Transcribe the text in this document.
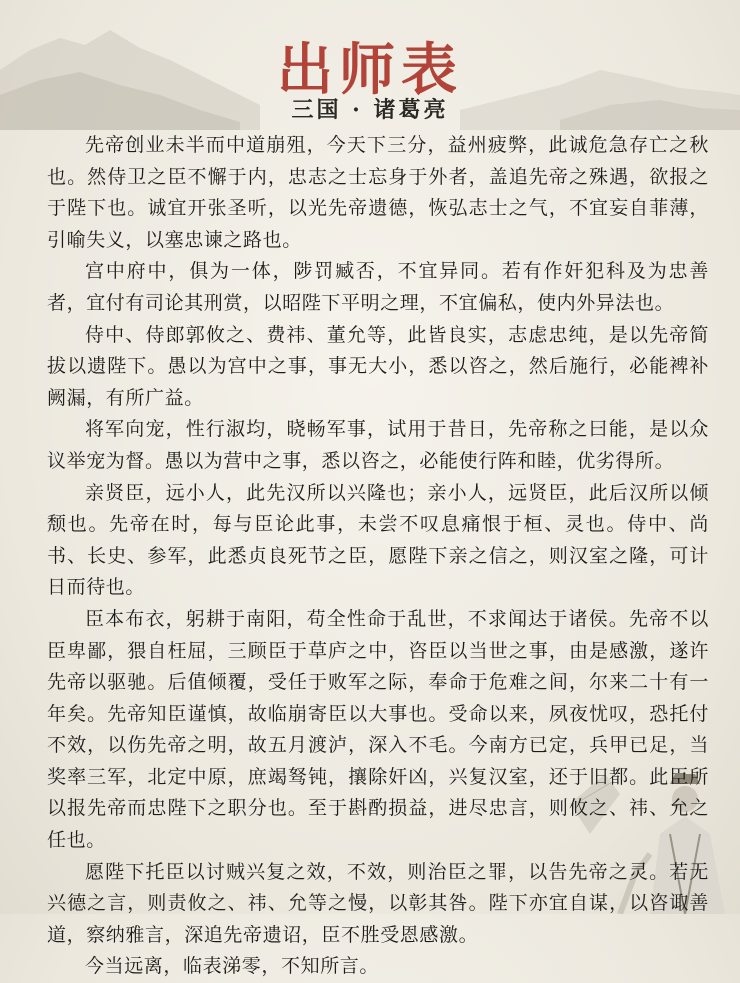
出师表
三国 · 诸葛亮

先帝创业未半而中道崩殂，今天下三分，益州疲弊，此诚危急存亡之秋也。然侍卫之臣不懈于内，忠志之士忘身于外者，盖追先帝之殊遇，欲报之于陛下也。诚宜开张圣听，以光先帝遗德，恢弘志士之气，不宜妄自菲薄，引喻失义，以塞忠谏之路也。

宫中府中，俱为一体，陟罚臧否，不宜异同。若有作奸犯科及为忠善者，宜付有司论其刑赏，以昭陛下平明之理，不宜偏私，使内外异法也。

侍中、侍郎郭攸之、费祎、董允等，此皆良实，志虑忠纯，是以先帝简拔以遗陛下。愚以为宫中之事，事无大小，悉以咨之，然后施行，必能裨补阙漏，有所广益。

将军向宠，性行淑均，晓畅军事，试用于昔日，先帝称之曰能，是以众议举宠为督。愚以为营中之事，悉以咨之，必能使行阵和睦，优劣得所。

亲贤臣，远小人，此先汉所以兴隆也；亲小人，远贤臣，此后汉所以倾颓也。先帝在时，每与臣论此事，未尝不叹息痛恨于桓、灵也。侍中、尚书、长史、参军，此悉贞良死节之臣，愿陛下亲之信之，则汉室之隆，可计日而待也。

臣本布衣，躬耕于南阳，苟全性命于乱世，不求闻达于诸侯。先帝不以臣卑鄙，猥自枉屈，三顾臣于草庐之中，咨臣以当世之事，由是感激，遂许先帝以驱驰。后值倾覆，受任于败军之际，奉命于危难之间，尔来二十有一年矣。先帝知臣谨慎，故临崩寄臣以大事也。受命以来，夙夜忧叹，恐托付不效，以伤先帝之明，故五月渡泸，深入不毛。今南方已定，兵甲已足，当奖率三军，北定中原，庶竭驽钝，攘除奸凶，兴复汉室，还于旧都。此臣所以报先帝而忠陛下之职分也。至于斟酌损益，进尽忠言，则攸之、祎、允之任也。

愿陛下托臣以讨贼兴复之效，不效，则治臣之罪，以告先帝之灵。若无兴德之言，则责攸之、祎、允等之慢，以彰其咎。陛下亦宜自谋，以咨诹善道，察纳雅言，深追先帝遗诏，臣不胜受恩感激。

今当远离，临表涕零，不知所言。
